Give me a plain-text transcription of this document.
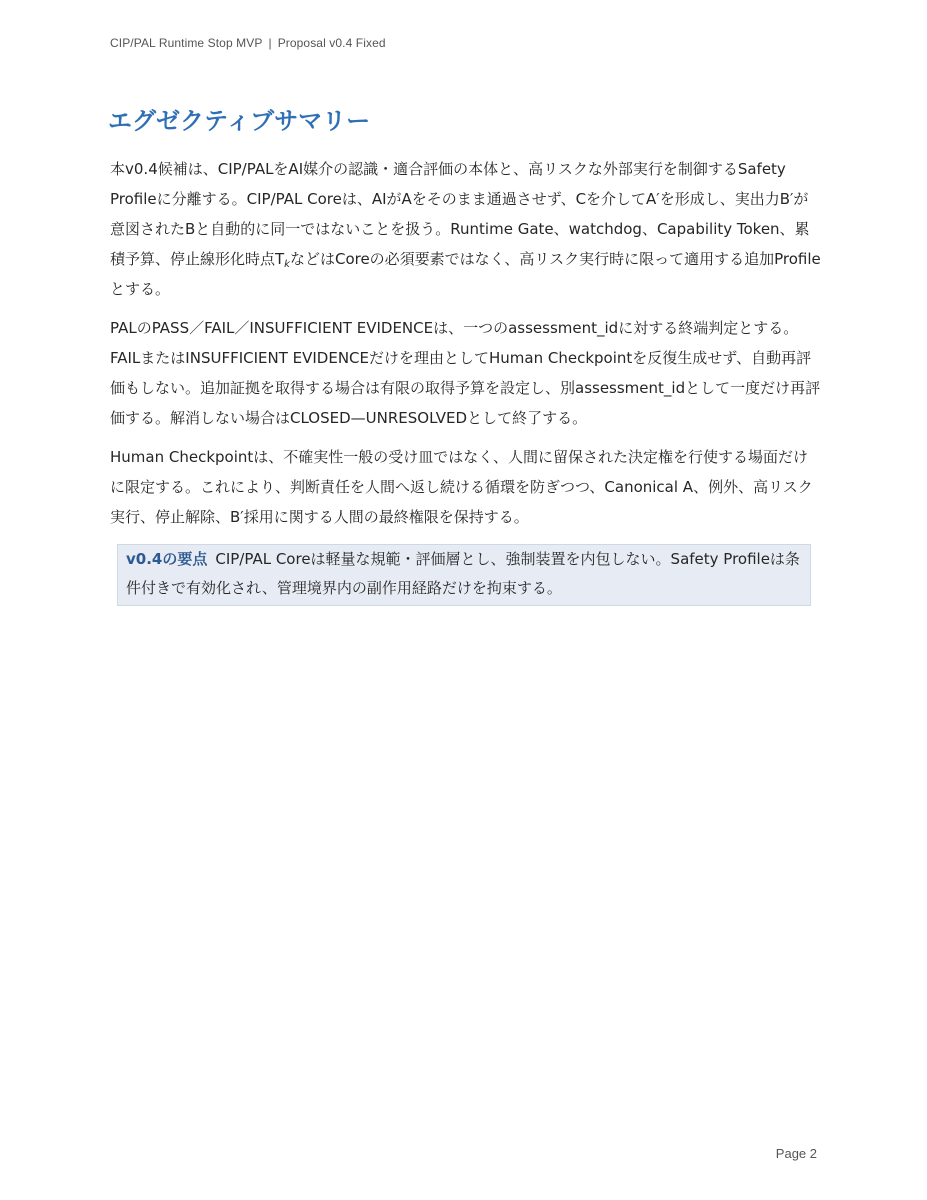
CIP/PAL Runtime Stop MVP | Proposal v0.4 Fixed
エグゼクティブサマリー

本v0.4候補は、CIP/PALをAI媒介の認識・適合評価の本体と、高リスクな外部実行を制御するSafety Profileに分離する。CIP/PAL Coreは、AIがAをそのまま通過させず、Cを介してA′を形成し、実出力B′が意図されたBと自動的に同一ではないことを扱う。Runtime Gate、watchdog、Capability Token、累積予算、停止線形化時点$T_k$などはCoreの必須要素ではなく、高リスク実行時に限って適用する追加Profileとする。

PALのPASS／FAIL／INSUFFICIENT EVIDENCEは、一つのassessment_idに対する終端判定とする。FAILまたはINSUFFICIENT EVIDENCEだけを理由としてHuman Checkpointを反復生成せず、自動再評価もしない。追加証拠を取得する場合は有限の取得予算を設定し、別assessment_idとして一度だけ再評価する。解消しない場合はCLOSED—UNRESOLVEDとして終了する。

Human Checkpointは、不確実性一般の受け皿ではなく、人間に留保された決定権を行使する場面だけに限定する。これにより、判断責任を人間へ返し続ける循環を防ぎつつ、Canonical A、例外、高リスク実行、停止解除、B′採用に関する人間の最終権限を保持する。

v0.4の要点 CIP/PAL Coreは軽量な規範・評価層とし、強制装置を内包しない。Safety Profileは条件付きで有効化され、管理境界内の副作用経路だけを拘束する。
Page 2
